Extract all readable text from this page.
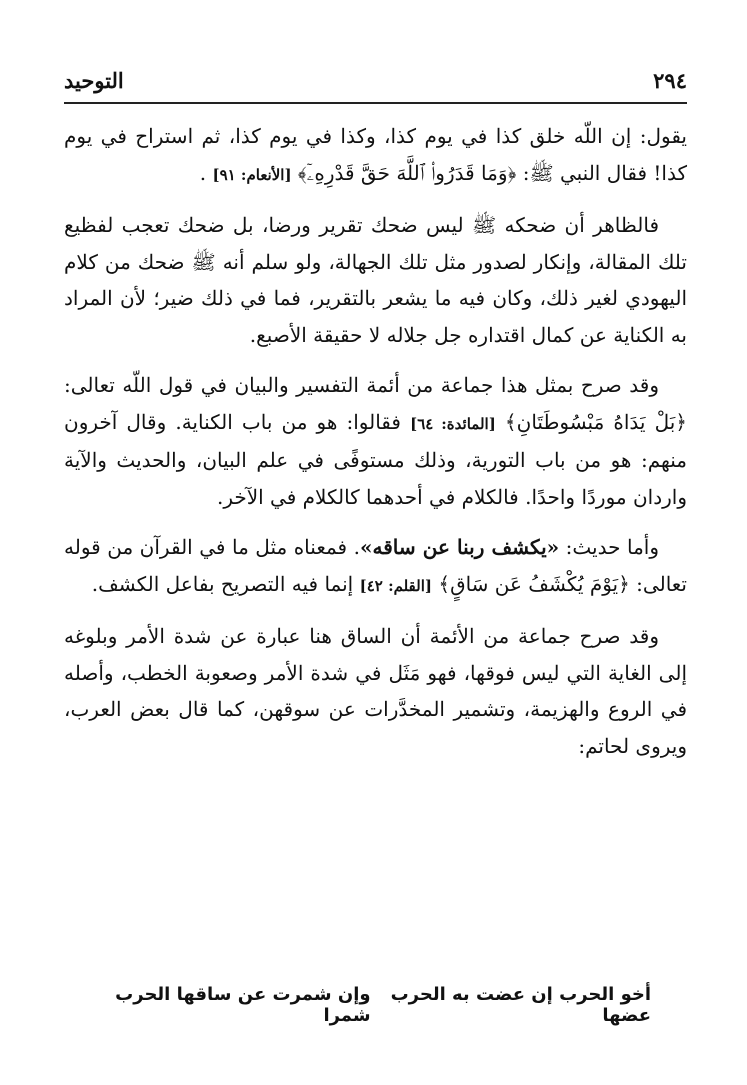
٢٩٤
التوحيد

يقول: إن اللّه خلق كذا في يوم كذا، وكذا في يوم كذا، ثم استراح في يوم كذا! فقال النبي ﷺ: ﴿وَمَا قَدَرُوا۟ ٱللَّهَ حَقَّ قَدْرِهِۦٓ﴾ [الأنعام: ٩١] .

فالظاهر أن ضحكه ﷺ ليس ضحك تقرير ورضا، بل ضحك تعجب لفظيع تلك المقالة، وإنكار لصدور مثل تلك الجهالة، ولو سلم أنه ﷺ ضحك من كلام اليهودي لغير ذلك، وكان فيه ما يشعر بالتقرير، فما في ذلك ضير؛ لأن المراد به الكناية عن كمال اقتداره جل جلاله لا حقيقة الأصبع.

وقد صرح بمثل هذا جماعة من أئمة التفسير والبيان في قول اللّه تعالى: ﴿بَلْ يَدَاهُ مَبْسُوطَتَانِ﴾ [المائدة: ٦٤] فقالوا: هو من باب الكناية. وقال آخرون منهم: هو من باب التورية، وذلك مستوفًى في علم البيان، والحديث والآية واردان موردًا واحدًا. فالكلام في أحدهما كالكلام في الآخر.

وأما حديث: «يكشف ربنا عن ساقه». فمعناه مثل ما في القرآن من قوله تعالى: ﴿يَوْمَ يُكْشَفُ عَن سَاقٍ﴾ [القلم: ٤٢] إنما فيه التصريح بفاعل الكشف.

وقد صرح جماعة من الأئمة أن الساق هنا عبارة عن شدة الأمر وبلوغه إلى الغاية التي ليس فوقها، فهو مَثَل في شدة الأمر وصعوبة الخطب، وأصله في الروع والهزيمة، وتشمير المخدَّرات عن سوقهن، كما قال بعض العرب، ويروى لحاتم:

أخو الحرب إن عضت به الحرب عضها
وإن شمرت عن ساقها الحرب شمرا
